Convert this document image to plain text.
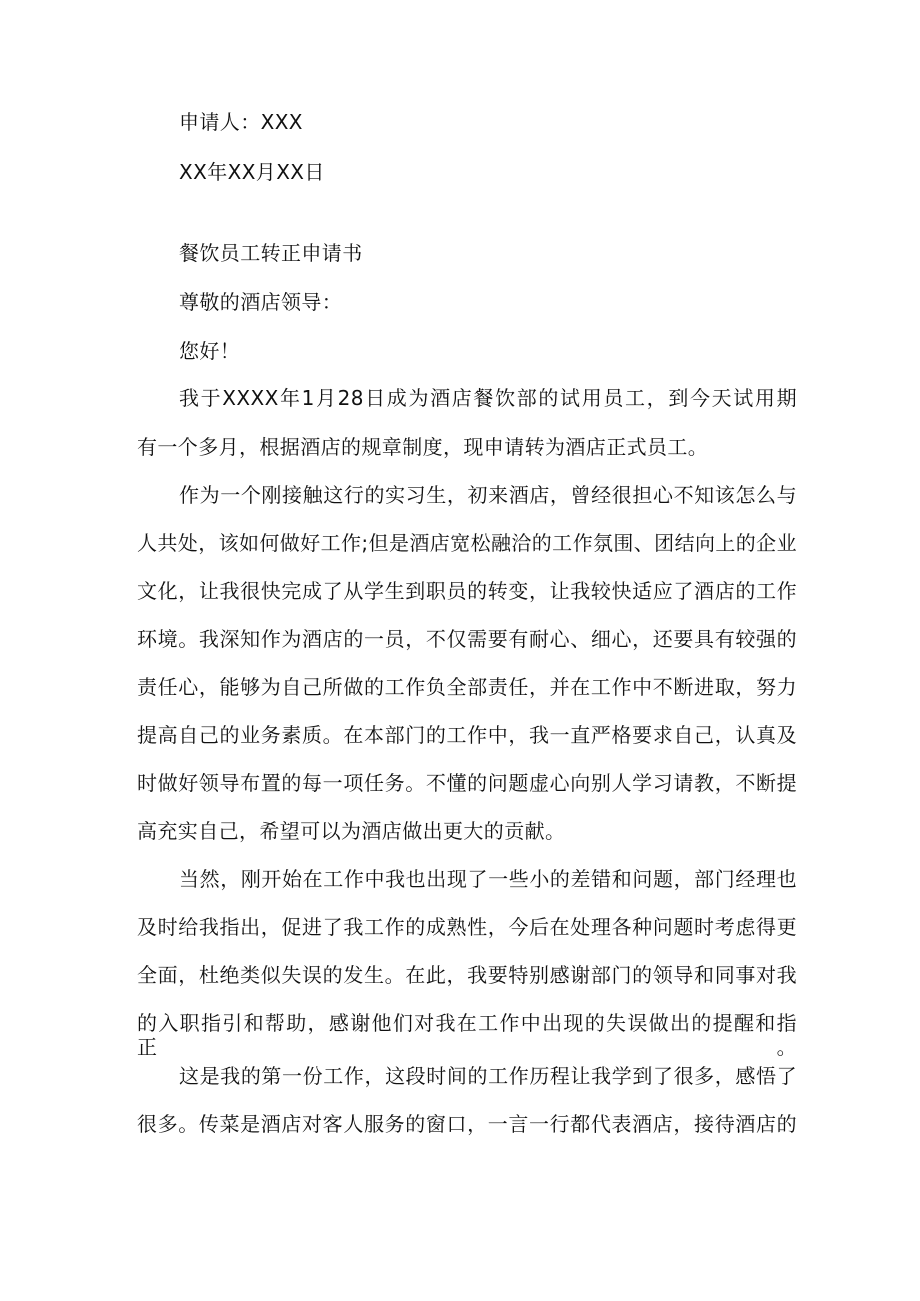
申请人：XXX
XX年XX月XX日
餐饮员工转正申请书
尊敬的酒店领导：
您好！
我于XXXX年1月28日成为酒店餐饮部的试用员工，到今天试用期
有一个多月，根据酒店的规章制度，现申请转为酒店正式员工。
作为一个刚接触这行的实习生，初来酒店，曾经很担心不知该怎么与
人共处，该如何做好工作;但是酒店宽松融洽的工作氛围、团结向上的企业
文化，让我很快完成了从学生到职员的转变，让我较快适应了酒店的工作
环境。我深知作为酒店的一员，不仅需要有耐心、细心，还要具有较强的
责任心，能够为自己所做的工作负全部责任，并在工作中不断进取，努力
提高自己的业务素质。在本部门的工作中，我一直严格要求自己，认真及
时做好领导布置的每一项任务。不懂的问题虚心向别人学习请教，不断提
高充实自己，希望可以为酒店做出更大的贡献。
当然，刚开始在工作中我也出现了一些小的差错和问题，部门经理也
及时给我指出，促进了我工作的成熟性，今后在处理各种问题时考虑得更
全面，杜绝类似失误的发生。在此，我要特别感谢部门的领导和同事对我
的入职指引和帮助，感谢他们对我在工作中出现的失误做出的提醒和指正。
这是我的第一份工作，这段时间的工作历程让我学到了很多，感悟了
很多。传菜是酒店对客人服务的窗口，一言一行都代表酒店，接待酒店的
